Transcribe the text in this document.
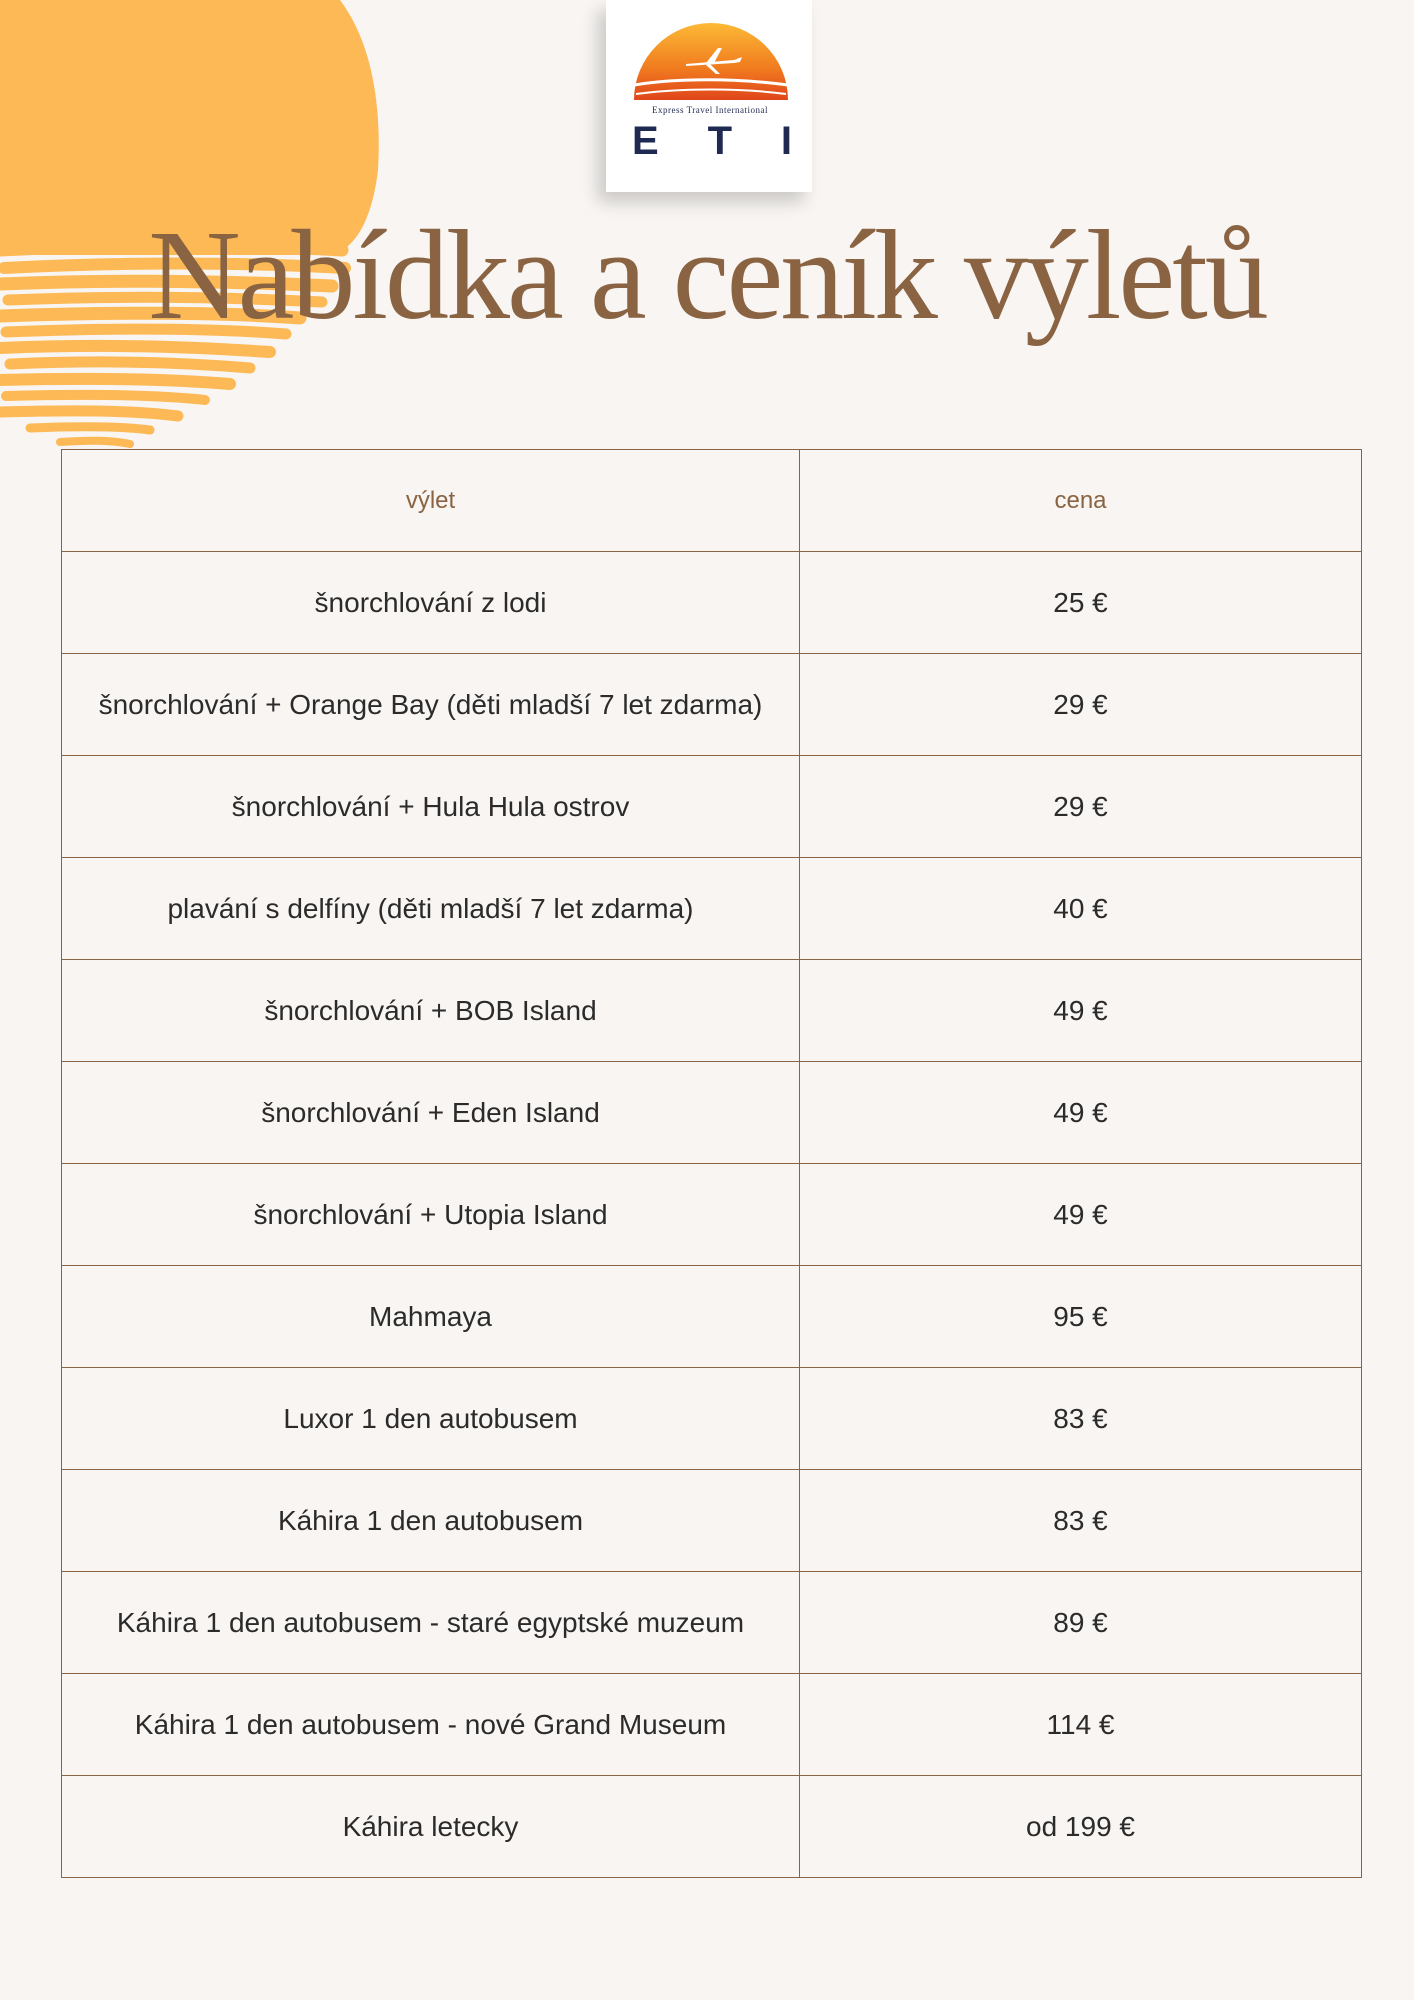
Express Travel International
E T I
Nabídka a ceník výletů
výlet	cena
šnorchlování z lodi	25 €
šnorchlování + Orange Bay (děti mladší 7 let zdarma)	29 €
šnorchlování + Hula Hula ostrov	29 €
plavání s delfíny (děti mladší 7 let zdarma)	40 €
šnorchlování + BOB Island	49 €
šnorchlování + Eden Island	49 €
šnorchlování + Utopia Island	49 €
Mahmaya	95 €
Luxor 1 den autobusem	83 €
Káhira 1 den autobusem	83 €
Káhira 1 den autobusem - staré egyptské muzeum	89 €
Káhira 1 den autobusem - nové Grand Museum	114 €
Káhira letecky	od 199 €
